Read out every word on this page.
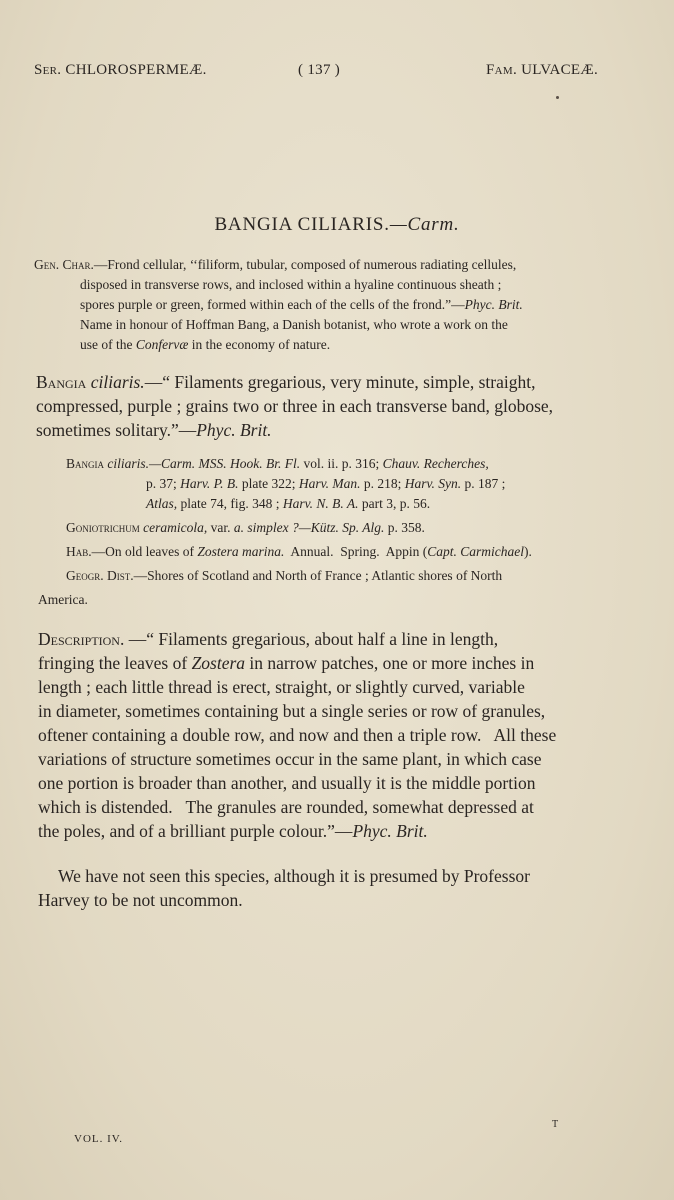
Ser. CHLOROSPERMEÆ.	( 137 )	Fam. ULVACEÆ.
BANGIA CILIARIS.—Carm.
Gen. Char.—Frond cellular, ‘‘filiform, tubular, composed of numerous radiating cellules,
disposed in transverse rows, and inclosed within a hyaline continuous sheath ;
spores purple or green, formed within each of the cells of the frond.”—Phyc. Brit.
Name in honour of Hoffman Bang, a Danish botanist, who wrote a work on the
use of the Confervæ in the economy of nature.
Bangia ciliaris.—“ Filaments gregarious, very minute, simple, straight,
compressed, purple ; grains two or three in each transverse band, globose,
sometimes solitary.”—Phyc. Brit.
Bangia ciliaris.—Carm. MSS. Hook. Br. Fl. vol. ii. p. 316; Chauv. Recherches,
p. 37; Harv. P. B. plate 322; Harv. Man. p. 218; Harv. Syn. p. 187 ;
Atlas, plate 74, fig. 348 ; Harv. N. B. A. part 3, p. 56.
Goniotrichum ceramicola, var. a. simplex ?—Kütz. Sp. Alg. p. 358.
Hab.—On old leaves of Zostera marina.  Annual.  Spring.  Appin (Capt. Carmichael).
Geogr. Dist.—Shores of Scotland and North of France ; Atlantic shores of North
America.
Description. —“ Filaments gregarious, about half a line in length,
fringing the leaves of Zostera in narrow patches, one or more inches in
length ; each little thread is erect, straight, or slightly curved, variable
in diameter, sometimes containing but a single series or row of granules,
oftener containing a double row, and now and then a triple row.   All these
variations of structure sometimes occur in the same plant, in which case
one portion is broader than another, and usually it is the middle portion
which is distended.   The granules are rounded, somewhat depressed at
the poles, and of a brilliant purple colour.”—Phyc. Brit.
We have not seen this species, although it is presumed by Professor
Harvey to be not uncommon.
VOL. IV.
T
